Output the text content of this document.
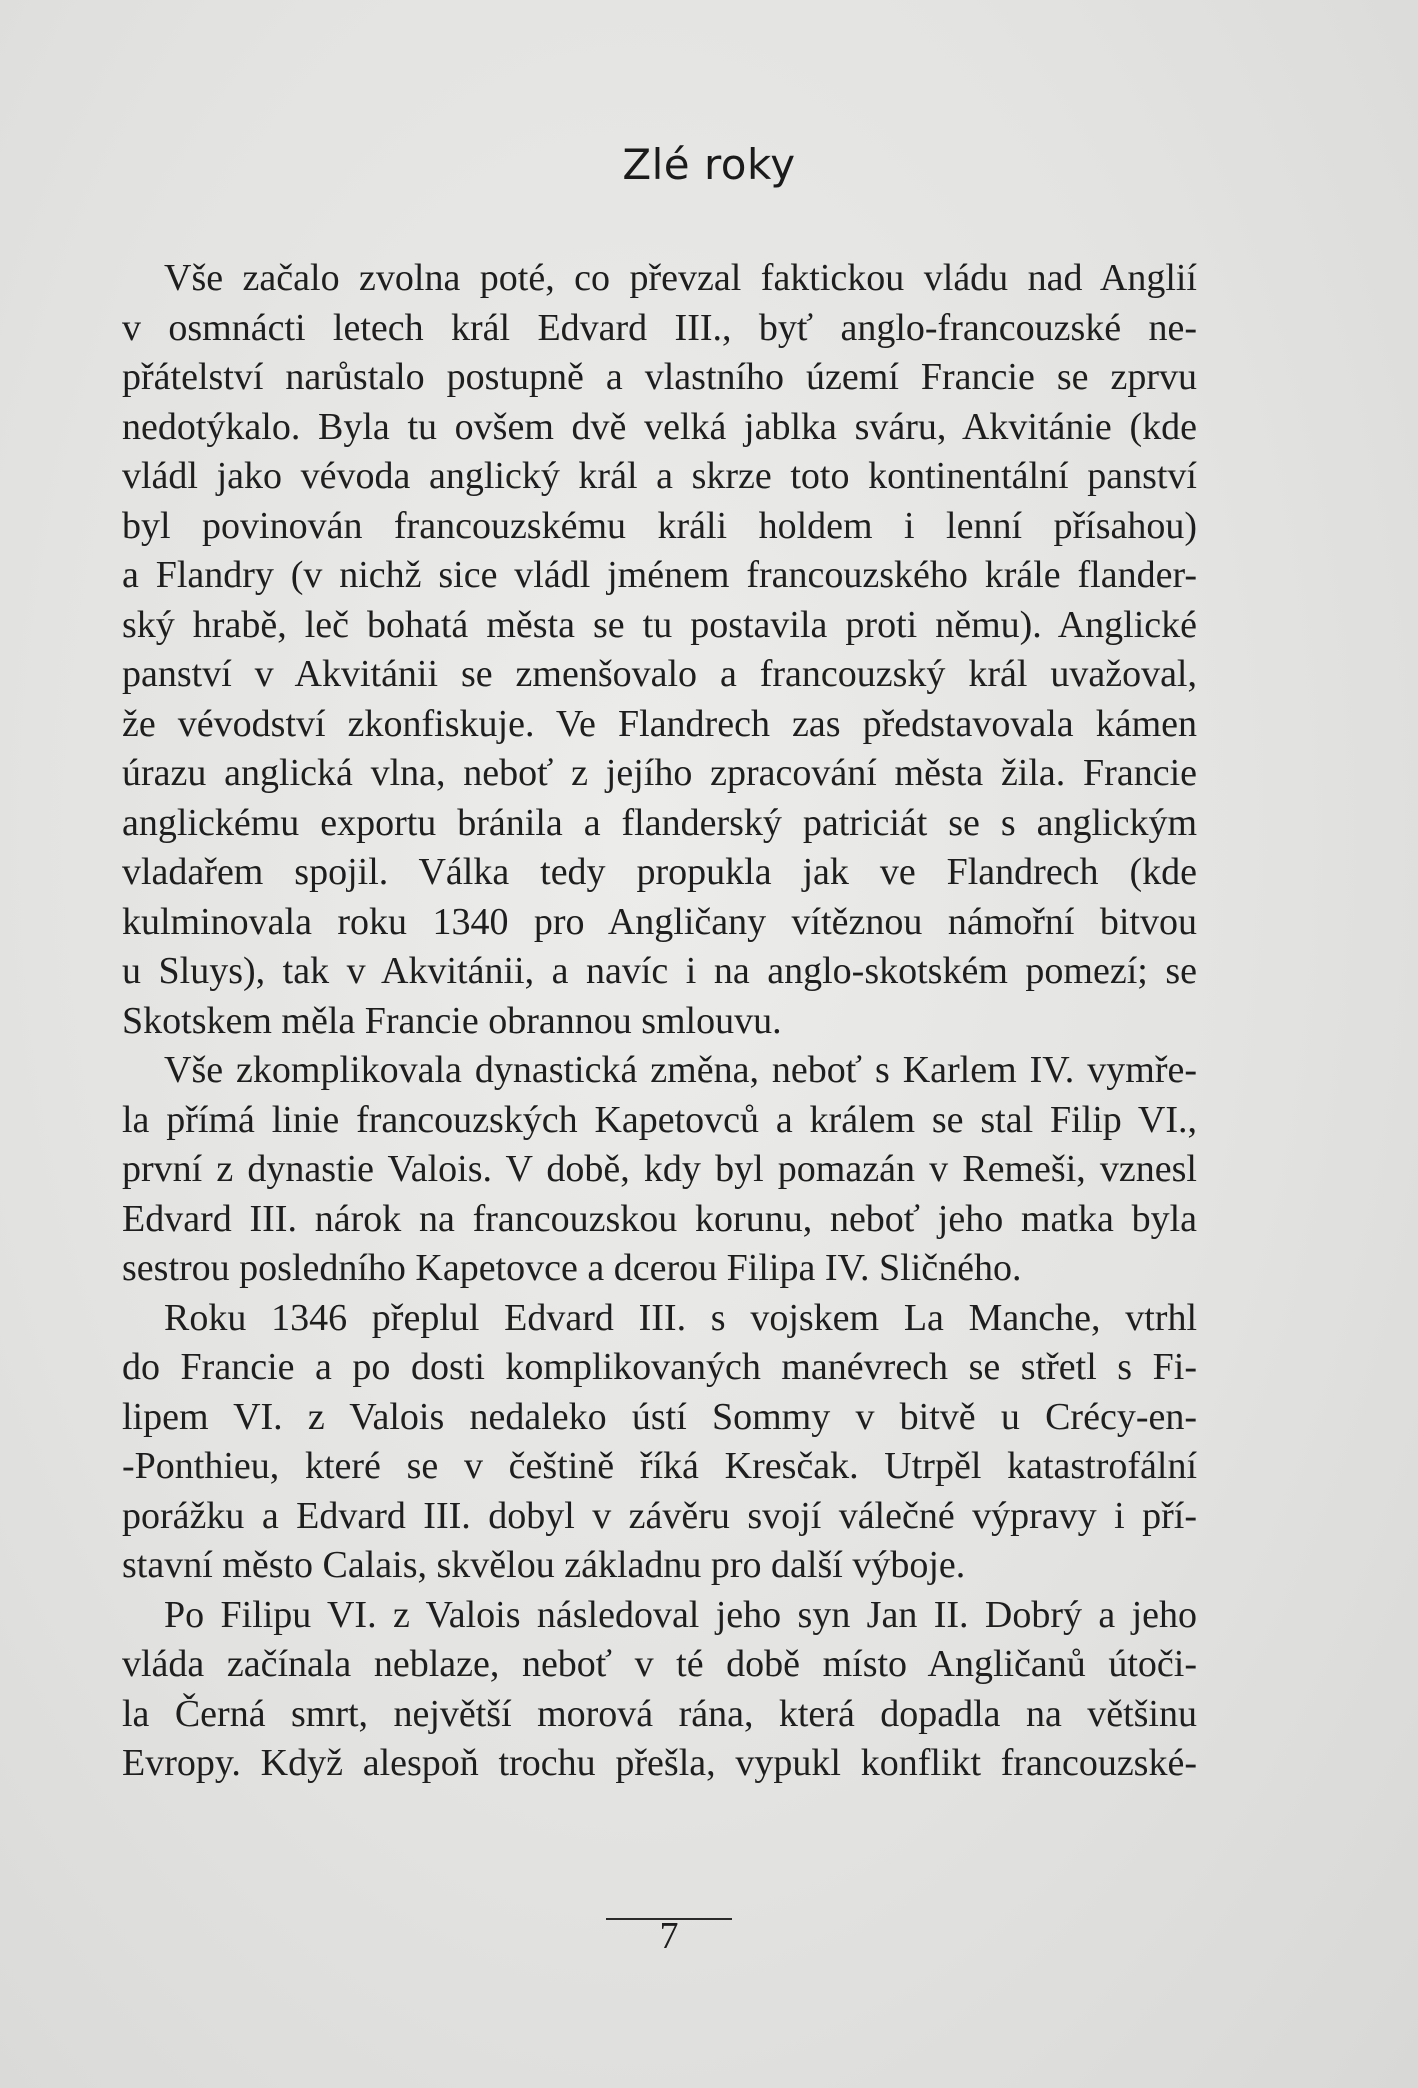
Zlé roky
Vše začalo zvolna poté, co převzal faktickou vládu nad Anglií
v osmnácti letech král Edvard III., byť anglo-francouzské ne-
přátelství narůstalo postupně a vlastního území Francie se zprvu
nedotýkalo. Byla tu ovšem dvě velká jablka sváru, Akvitánie (kde
vládl jako vévoda anglický král a skrze toto kontinentální panství
byl povinován francouzskému králi holdem i lenní přísahou)
a Flandry (v nichž sice vládl jménem francouzského krále flander-
ský hrabě, leč bohatá města se tu postavila proti němu). Anglické
panství v Akvitánii se zmenšovalo a francouzský král uvažoval,
že vévodství zkonfiskuje. Ve Flandrech zas představovala kámen
úrazu anglická vlna, neboť z jejího zpracování města žila. Francie
anglickému exportu bránila a flanderský patriciát se s anglickým
vladařem spojil. Válka tedy propukla jak ve Flandrech (kde
kulminovala roku 1340 pro Angličany vítěznou námořní bitvou
u Sluys), tak v Akvitánii, a navíc i na anglo-skotském pomezí; se
Skotskem měla Francie obrannou smlouvu.
Vše zkomplikovala dynastická změna, neboť s Karlem IV. vymře-
la přímá linie francouzských Kapetovců a králem se stal Filip VI.,
první z dynastie Valois. V době, kdy byl pomazán v Remeši, vznesl
Edvard III. nárok na francouzskou korunu, neboť jeho matka byla
sestrou posledního Kapetovce a dcerou Filipa IV. Sličného.
Roku 1346 přeplul Edvard III. s vojskem La Manche, vtrhl
do Francie a po dosti komplikovaných manévrech se střetl s Fi-
lipem VI. z Valois nedaleko ústí Sommy v bitvě u Crécy-en-
-Ponthieu, které se v češtině říká Kresčak. Utrpěl katastrofální
porážku a Edvard III. dobyl v závěru svojí válečné výpravy i pří-
stavní město Calais, skvělou základnu pro další výboje.
Po Filipu VI. z Valois následoval jeho syn Jan II. Dobrý a jeho
vláda začínala neblaze, neboť v té době místo Angličanů útoči-
la Černá smrt, největší morová rána, která dopadla na většinu
Evropy. Když alespoň trochu přešla, vypukl konflikt francouzské-
7
